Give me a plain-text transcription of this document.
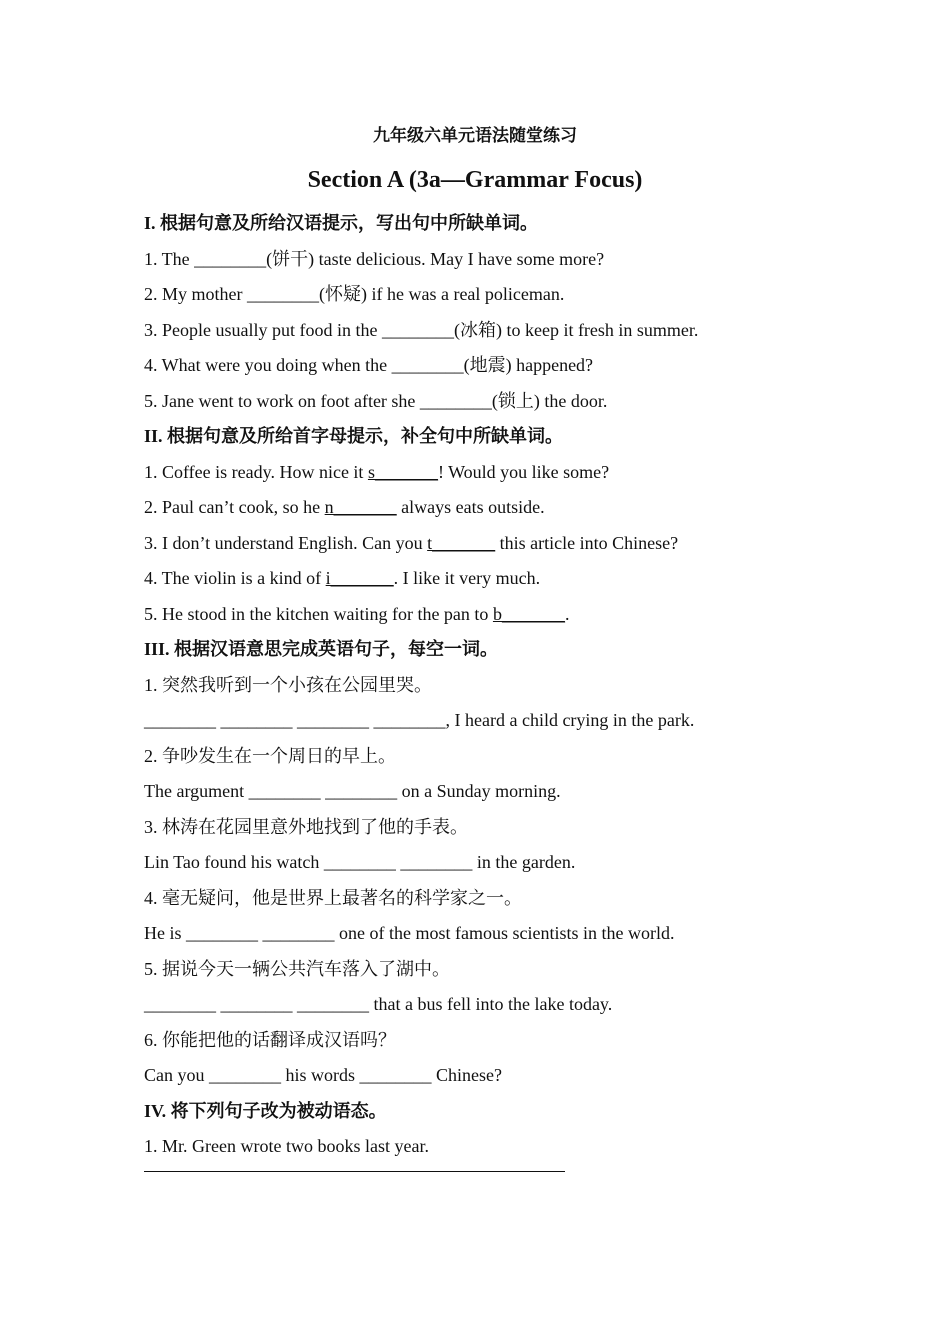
九年级六单元语法随堂练习
Section A (3a—Grammar Focus)
I. 根据句意及所给汉语提示，写出句中所缺单词。
1. The ________(饼干) taste delicious. May I have some more?
2. My mother ________(怀疑) if he was a real policeman.
3. People usually put food in the ________(冰箱) to keep it fresh in summer.
4. What were you doing when the ________(地震) happened?
5. Jane went to work on foot after she ________(锁上) the door.
II. 根据句意及所给首字母提示，补全句中所缺单词。
1. Coffee is ready. How nice it s_______! Would you like some?
2. Paul can’t cook, so he n_______ always eats outside.
3. I don’t understand English. Can you t_______ this article into Chinese?
4. The violin is a kind of i_______. I like it very much.
5. He stood in the kitchen waiting for the pan to b_______.
III. 根据汉语意思完成英语句子，每空一词。
1. 突然我听到一个小孩在公园里哭。
________ ________ ________ ________, I heard a child crying in the park.
2. 争吵发生在一个周日的早上。
The argument ________ ________ on a Sunday morning.
3. 林涛在花园里意外地找到了他的手表。
Lin Tao found his watch ________ ________ in the garden.
4. 毫无疑问，他是世界上最著名的科学家之一。
He is ________ ________ one of the most famous scientists in the world.
5. 据说今天一辆公共汽车落入了湖中。
________ ________ ________ that a bus fell into the lake today.
6. 你能把他的话翻译成汉语吗？
Can you ________ his words ________ Chinese?
IV. 将下列句子改为被动语态。
1. Mr. Green wrote two books last year.
